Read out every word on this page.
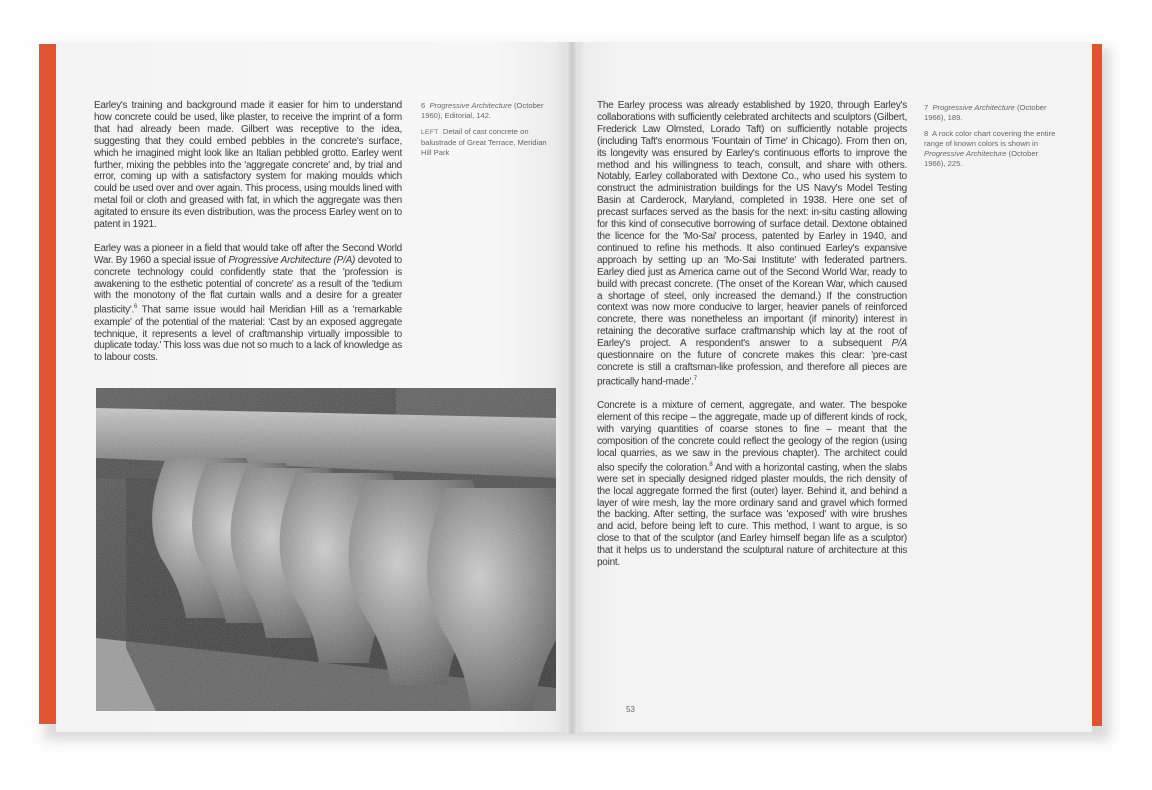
Earley's training and background made it easier for him to understand how concrete could be used, like plaster, to receive the imprint of a form that had already been made. Gilbert was receptive to the idea, suggesting that they could embed pebbles in the concrete's surface, which he imagined might look like an Italian pebbled grotto. Earley went further, mixing the pebbles into the 'aggregate concrete' and, by trial and error, coming up with a satisfactory system for making moulds which could be used over and over again. This process, using moulds lined with metal foil or cloth and greased with fat, in which the aggregate was then agitated to ensure its even distribution, was the process Earley went on to patent in 1921.

Earley was a pioneer in a field that would take off after the Second World War. By 1960 a special issue of Progressive Architecture (P/A) devoted to concrete technology could confidently state that the 'profession is awakening to the esthetic potential of concrete' as a result of the 'tedium with the monotony of the flat curtain walls and a desire for a greater plasticity'.$^6$ That same issue would hail Meridian Hill as a 'remarkable example' of the potential of the material: 'Cast by an exposed aggregate technique, it represents a level of craftmanship virtually impossible to duplicate today.' This loss was due not so much to a lack of knowledge as to labour costs.

6 Progressive Architecture (October 1960), Editorial, 142.

LEFT Detail of cast concrete on balustrade of Great Terrace, Meridian Hill Park

The Earley process was already established by 1920, through Earley's collaborations with sufficiently celebrated architects and sculptors (Gilbert, Frederick Law Olmsted, Lorado Taft) on sufficiently notable projects (including Taft's enormous 'Fountain of Time' in Chicago). From then on, its longevity was ensured by Earley's continuous efforts to improve the method and his willingness to teach, consult, and share with others. Notably, Earley collaborated with Dextone Co., who used his system to construct the administration buildings for the US Navy's Model Testing Basin at Carderock, Maryland, completed in 1938. Here one set of precast surfaces served as the basis for the next: in-situ casting allowing for this kind of consecutive borrowing of surface detail. Dextone obtained the licence for the 'Mo-Sai' process, patented by Earley in 1940, and continued to refine his methods. It also continued Earley's expansive approach by setting up an 'Mo-Sai Institute' with federated partners. Earley died just as America came out of the Second World War, ready to build with precast concrete. (The onset of the Korean War, which caused a shortage of steel, only increased the demand.) If the construction context was now more conducive to larger, heavier panels of reinforced concrete, there was nonetheless an important (if minority) interest in retaining the decorative surface craftmanship which lay at the root of Earley's project. A respondent's answer to a subsequent P/A questionnaire on the future of concrete makes this clear: 'pre-cast concrete is still a craftsman-like profession, and therefore all pieces are practically hand-made'.$^7$

Concrete is a mixture of cement, aggregate, and water. The bespoke element of this recipe – the aggregate, made up of different kinds of rock, with varying quantities of coarse stones to fine – meant that the composition of the concrete could reflect the geology of the region (using local quarries, as we saw in the previous chapter). The architect could also specify the coloration.$^8$ And with a horizontal casting, when the slabs were set in specially designed ridged plaster moulds, the rich density of the local aggregate formed the first (outer) layer. Behind it, and behind a layer of wire mesh, lay the more ordinary sand and gravel which formed the backing. After setting, the surface was 'exposed' with wire brushes and acid, before being left to cure. This method, I want to argue, is so close to that of the sculptor (and Earley himself began life as a sculptor) that it helps us to understand the sculptural nature of architecture at this point.

7 Progressive Architecture (October 1966), 189.

8 A rock color chart covering the entire range of known colors is shown in Progressive Architecture (October 1966), 225.

53
